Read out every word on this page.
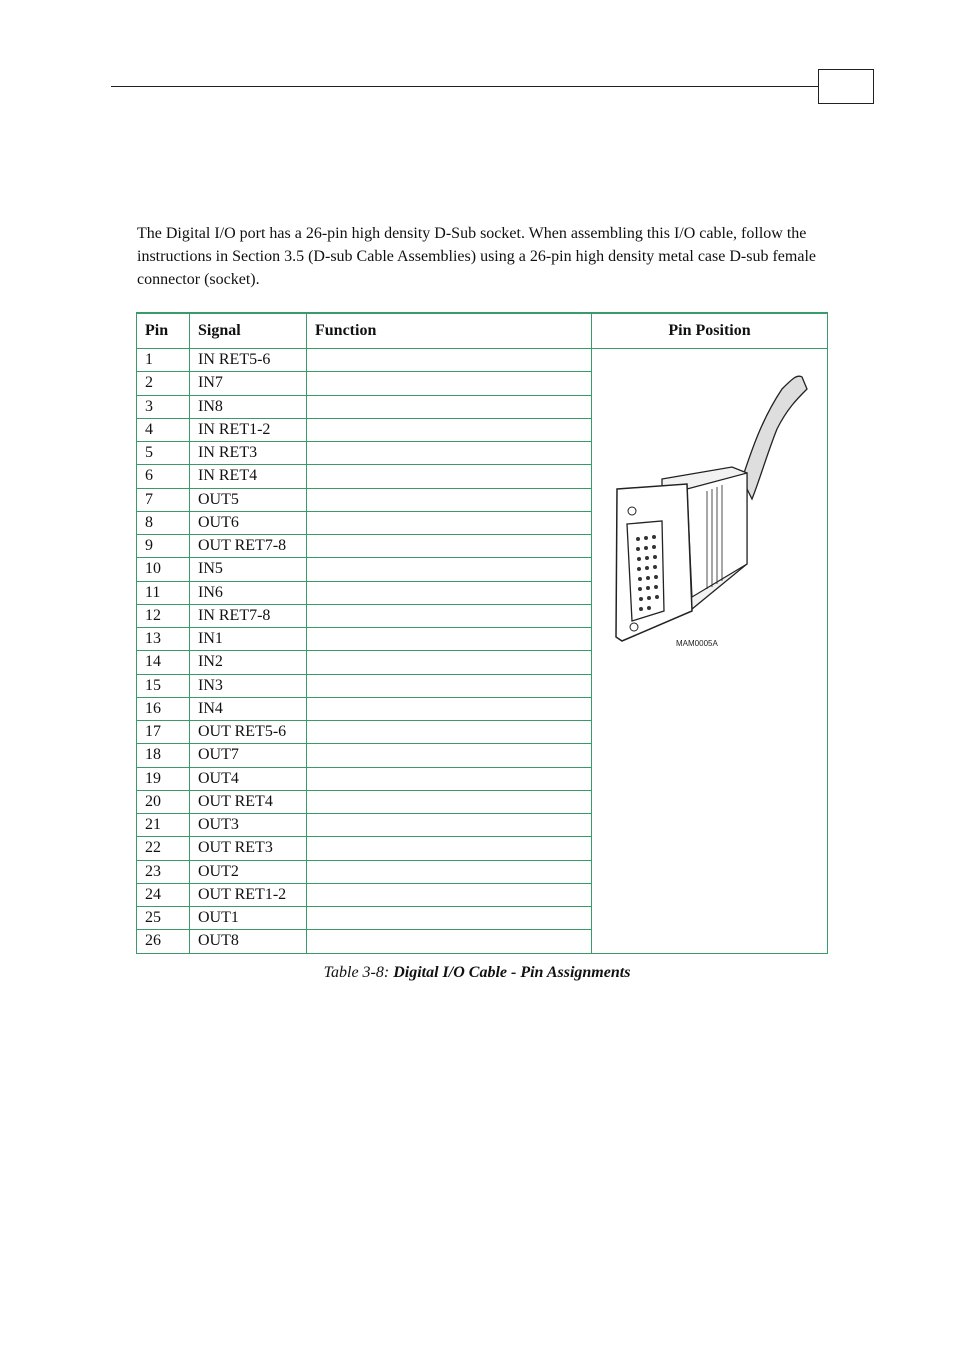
The Digital I/O port has a 26-pin high density D-Sub socket. When assembling this I/O cable, follow the instructions in Section 3.5 (D-sub Cable Assemblies) using a 26-pin high density metal case D-sub female connector (socket).

Pin	Signal	Function	Pin Position
1	IN RET5-6		MAM0005A

2	IN7		
3	IN8		
4	IN RET1-2		
5	IN RET3		
6	IN RET4		
7	OUT5		
8	OUT6		
9	OUT RET7-8		
10	IN5		
11	IN6		
12	IN RET7-8		
13	IN1		
14	IN2		
15	IN3		
16	IN4		
17	OUT RET5-6		
18	OUT7		
19	OUT4		
20	OUT RET4		
21	OUT3		
22	OUT RET3		
23	OUT2		
24	OUT RET1-2		
25	OUT1		
26	OUT8		
Table 3-8: Digital I/O Cable - Pin Assignments
